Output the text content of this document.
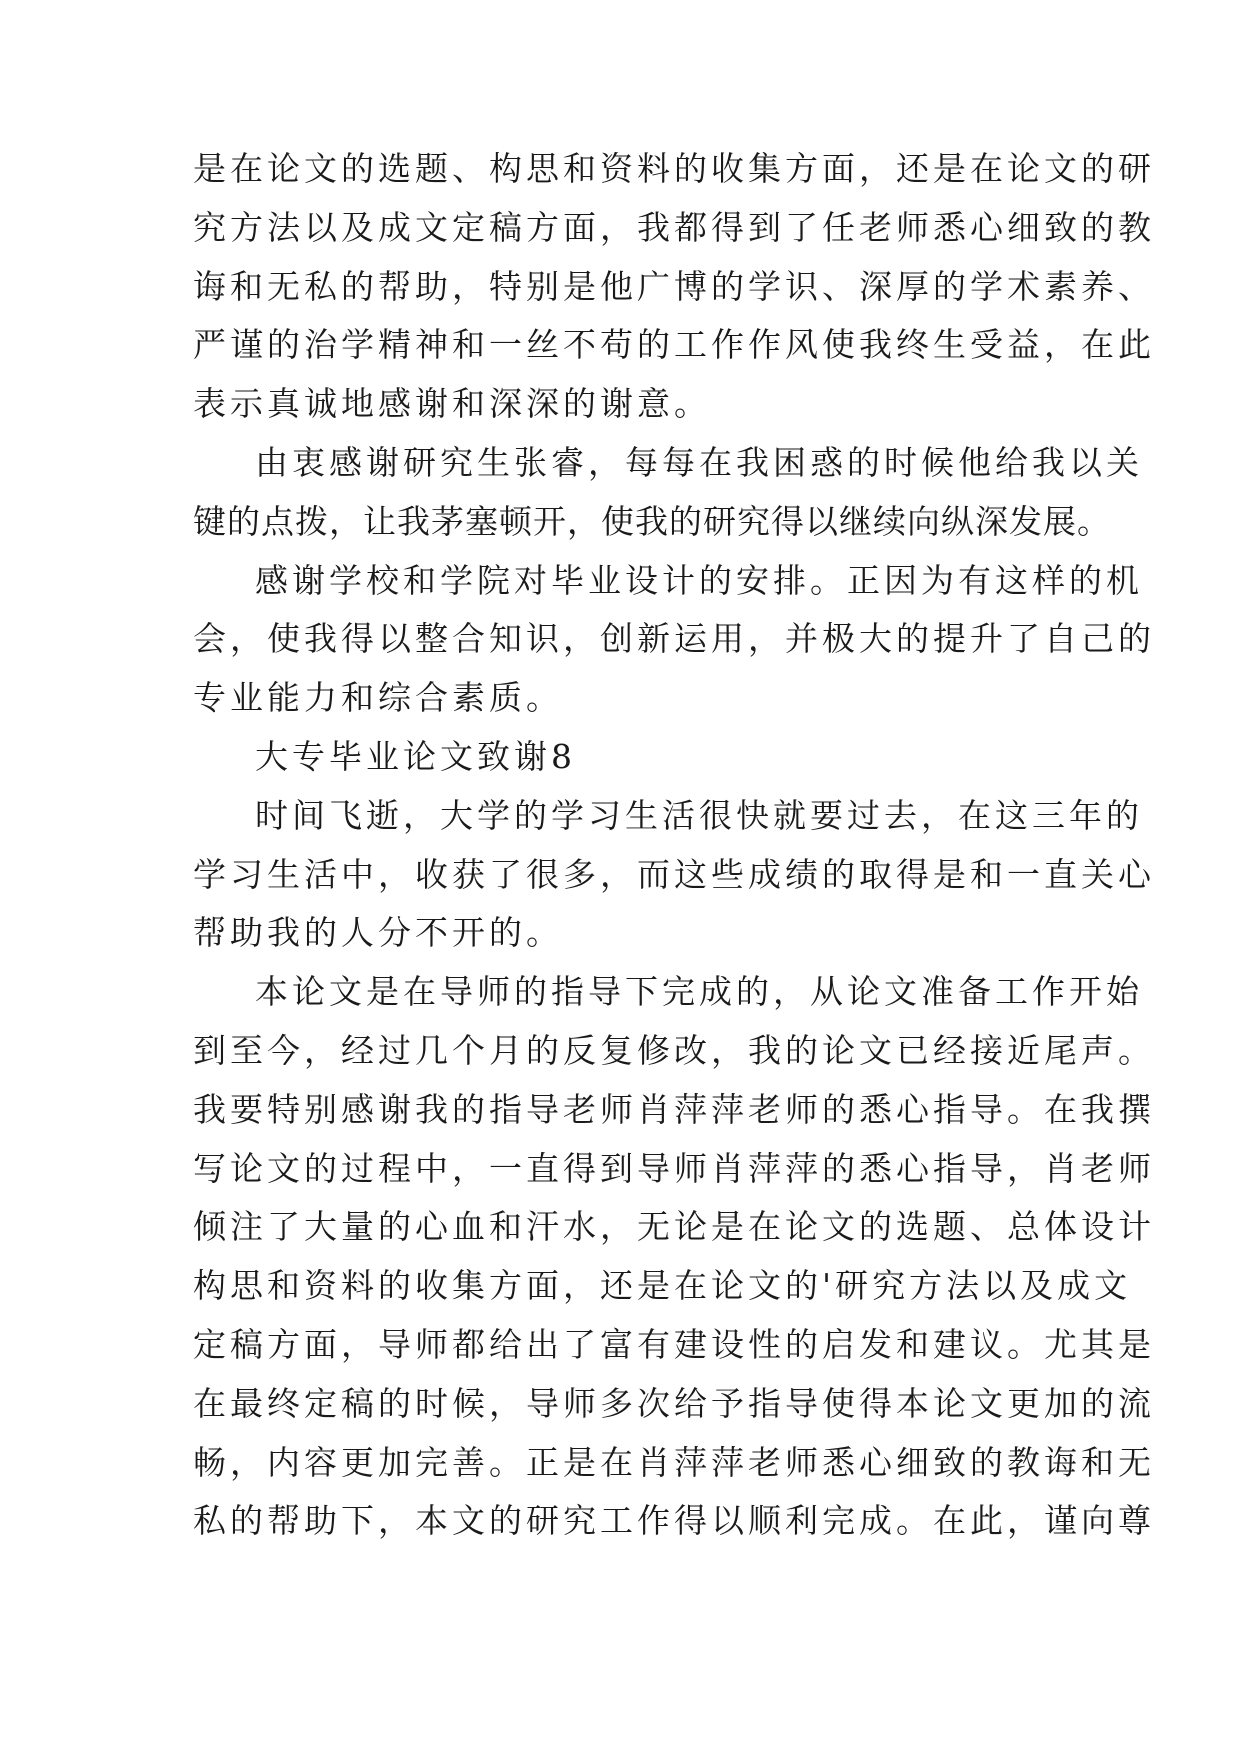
是在论文的选题、构思和资料的收集方面，还是在论文的研
究方法以及成文定稿方面，我都得到了任老师悉心细致的教
诲和无私的帮助，特别是他广博的学识、深厚的学术素养、
严谨的治学精神和一丝不苟的工作作风使我终生受益，在此
表示真诚地感谢和深深的谢意。
由衷感谢研究生张睿，每每在我困惑的时候他给我以关
键的点拨，让我茅塞顿开，使我的研究得以继续向纵深发展。
感谢学校和学院对毕业设计的安排。正因为有这样的机
会，使我得以整合知识，创新运用，并极大的提升了自己的
专业能力和综合素质。
大专毕业论文致谢8
时间飞逝，大学的学习生活很快就要过去，在这三年的
学习生活中，收获了很多，而这些成绩的取得是和一直关心
帮助我的人分不开的。
本论文是在导师的指导下完成的，从论文准备工作开始
到至今，经过几个月的反复修改，我的论文已经接近尾声。
我要特别感谢我的指导老师肖萍萍老师的悉心指导。在我撰
写论文的过程中，一直得到导师肖萍萍的悉心指导，肖老师
倾注了大量的心血和汗水，无论是在论文的选题、总体设计
构思和资料的收集方面，还是在论文的'研究方法以及成文
定稿方面，导师都给出了富有建设性的启发和建议。尤其是
在最终定稿的时候，导师多次给予指导使得本论文更加的流
畅，内容更加完善。正是在肖萍萍老师悉心细致的教诲和无
私的帮助下，本文的研究工作得以顺利完成。在此，谨向尊
